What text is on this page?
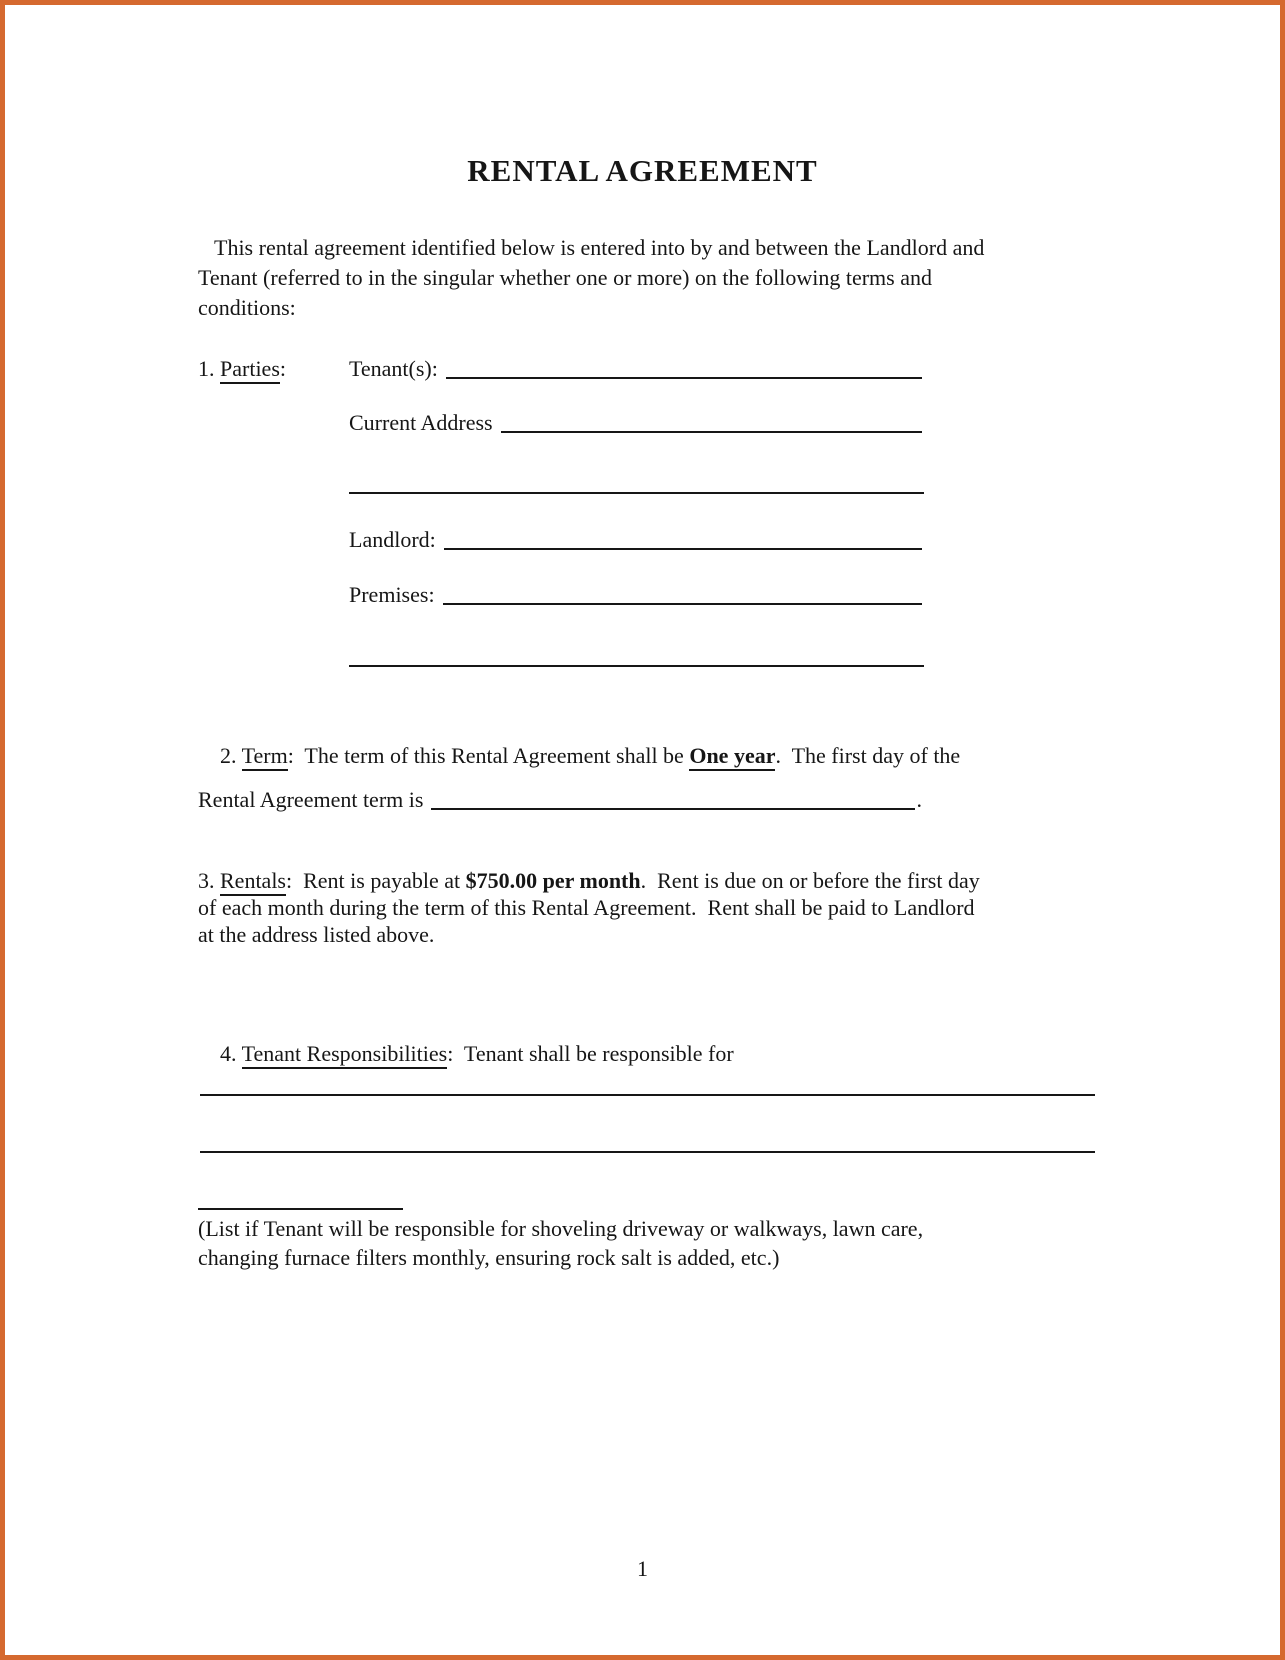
RENTAL AGREEMENT
This rental agreement identified below is entered into by and between the Landlord and
Tenant (referred to in the singular whether one or more) on the following terms and
conditions:
1. Parties:	Tenant(s):
Current Address
Landlord:
Premises:

2. Term:  The term of this Rental Agreement shall be One year.  The first day of the

Rental Agreement term is	.
3. Rentals:  Rent is payable at $750.00 per month.  Rent is due on or before the first day
of each month during the term of this Rental Agreement.  Rent shall be paid to Landlord
at the address listed above.

4. Tenant Responsibilities:  Tenant shall be responsible for

(List if Tenant will be responsible for shoveling driveway or walkways, lawn care,
changing furnace filters monthly, ensuring rock salt is added, etc.)
1
